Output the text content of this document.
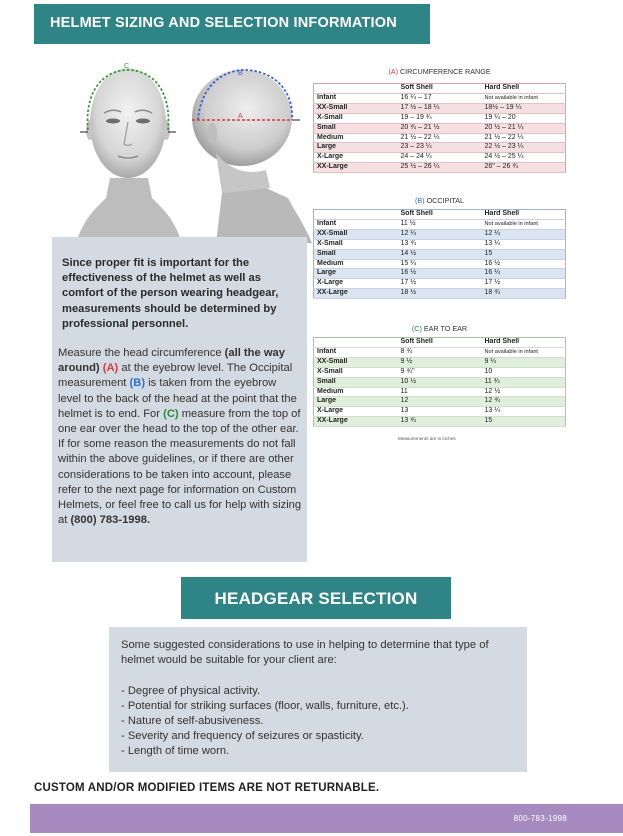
HELMET SIZING AND SELECTION INFORMATION
C
B
A
Since proper fit is important for the effectiveness of the helmet as well as comfort of the person wearing headgear, measurements should be determined by professional personnel.
Measure the head circumference (all the way around) (A) at the eyebrow level. The Occipital measurement (B) is taken from the eyebrow level to the back of the head at the point that the helmet is to end. For (C) measure from the top of one ear over the head to the top of the other ear. If for some reason the measurements do not fall within the above guidelines, or if there are other considerations to be taken into account, please refer to the next page for information on Custom Helmets, or feel free to call us for help with sizing at (800) 783-1998.
(A) CIRCUMFERENCE RANGE
	Soft Shell	Hard Shell
Infant	16 ¼ – 17	Not available in infant
XX-Small	17 ½ – 18 ¼	18½ – 19 ¼
X-Small	19 – 19 ¾	19 ¼ – 20
Small	20 ¾ – 21 ½	20 ½ – 21 ¼
Medium	21 ½ – 22 ¼	21 ½ – 22 ¼
Large	23 – 23 ¼	22 ½ – 23 ¼
X-Large	24 – 24 ¼	24 ½ – 25 ¼
XX-Large	25 ½ – 26 ¼	26" – 26 ¾
(B) OCCIPITAL
	Soft Shell	Hard Shell
Infant	11 ½	Not available in infant
XX-Small	12 ¼	12 ¼
X-Small	13 ¾	13 ¼
Small	14 ½	15
Medium	15 ¼	16 ½
Large	16 ½	16 ¼
X-Large	17 ½	17 ½
XX-Large	18 ½	18 ¾
(C) EAR TO EAR
	Soft Shell	Hard Shell
Infant	8 ¾	Not available in infant
XX-Small	9 ½	9 ¼
X-Small	9 ¾"	10
Small	10 ½	11 ¾
Medium	11	12 ½
Large	12	12 ¾
X-Large	13	13 ¼
XX-Large	13 ¾	15
Measurements are in inches
HEADGEAR SELECTION
Some suggested considerations to use in helping to determine that type of helmet would be suitable for your client are:
- Degree of physical activity.
- Potential for striking surfaces (floor, walls, furniture, etc.).
- Nature of self-abusiveness.
- Severity and frequency of seizures or spasticity.
- Length of time worn.
CUSTOM AND/OR MODIFIED ITEMS ARE NOT RETURNABLE.
800-783-1998
